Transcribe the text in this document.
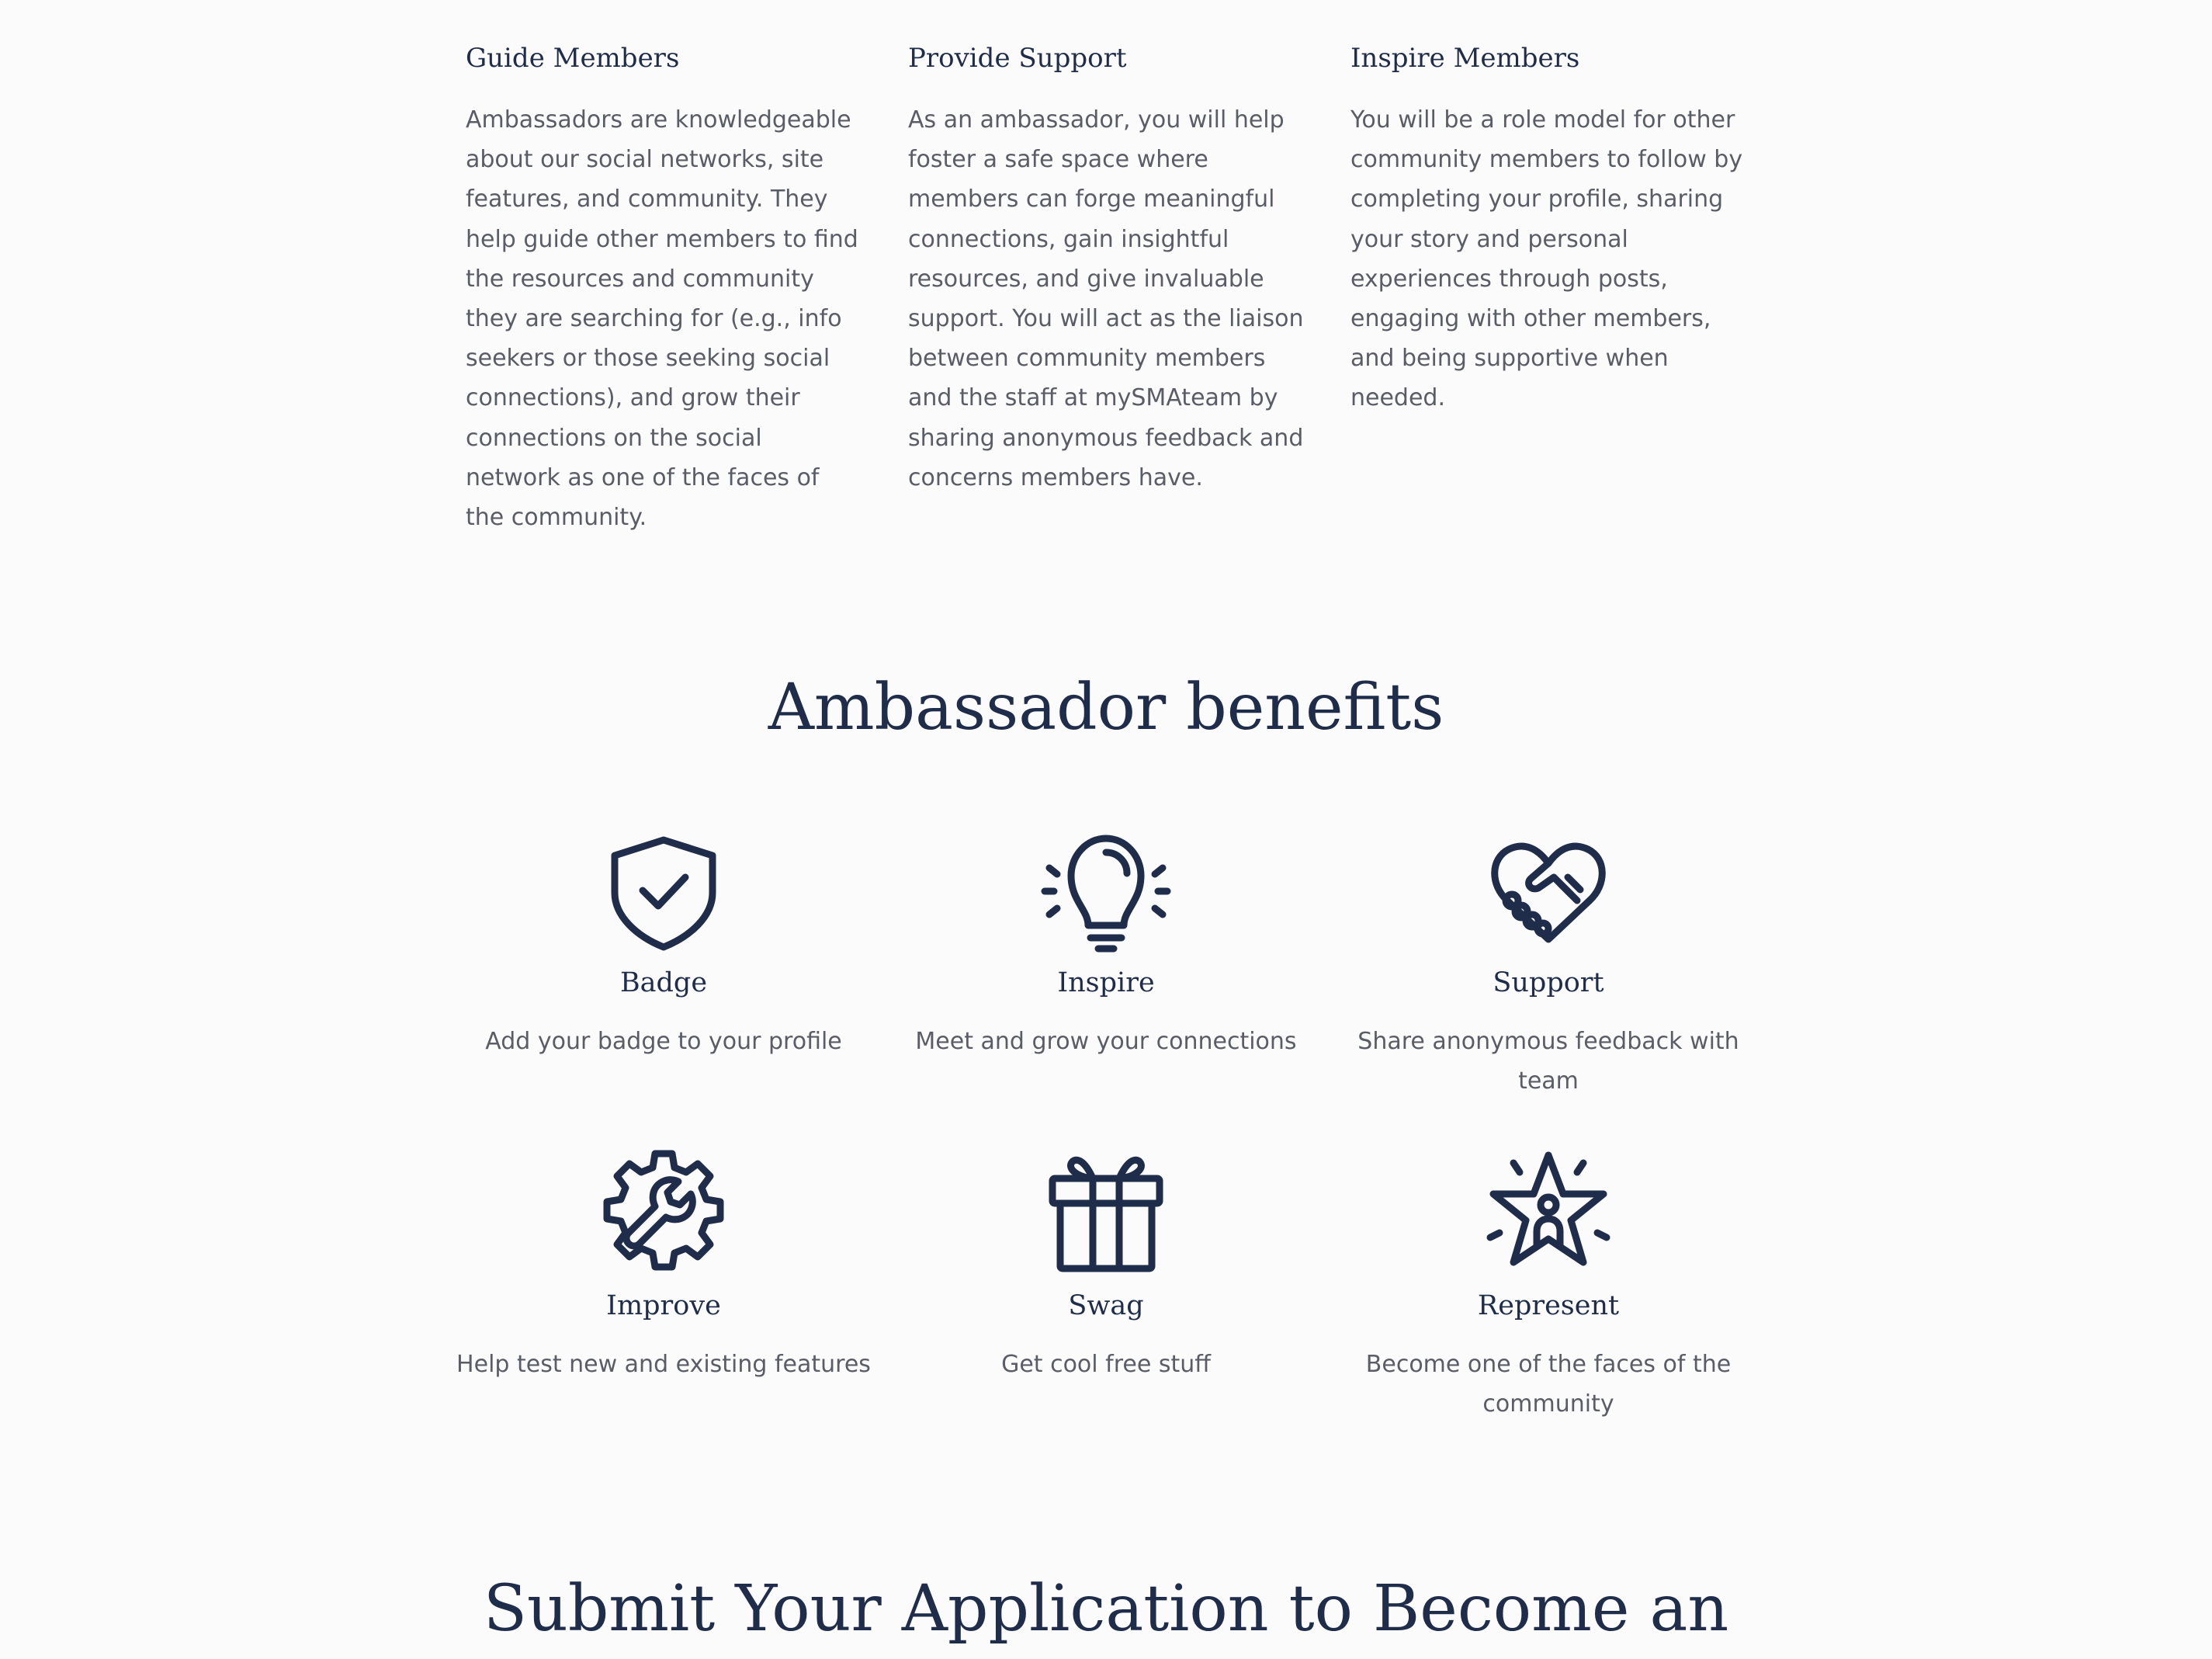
Guide Members

Ambassadors are knowledgeable about our social networks, site features, and community. They help guide other members to find the resources and community they are searching for (e.g., info seekers or those seeking social connections), and grow their connections on the social network as one of the faces of the community.

Provide Support

As an ambassador, you will help foster a safe space where members can forge meaningful connections, gain insightful resources, and give invaluable support. You will act as the liaison between community members and the staff at mySMAteam by sharing anonymous feedback and concerns members have.

Inspire Members

You will be a role model for other community members to follow by completing your profile, sharing your story and personal experiences through posts, engaging with other members, and being supportive when needed.

Ambassador benefits
Badge
Add your badge to your profile
Inspire
Meet and grow your connections
Support
Share anonymous feedback with team
Improve
Help test new and existing features
Swag
Get cool free stuff
Represent
Become one of the faces of the community
Submit Your Application to Become an
